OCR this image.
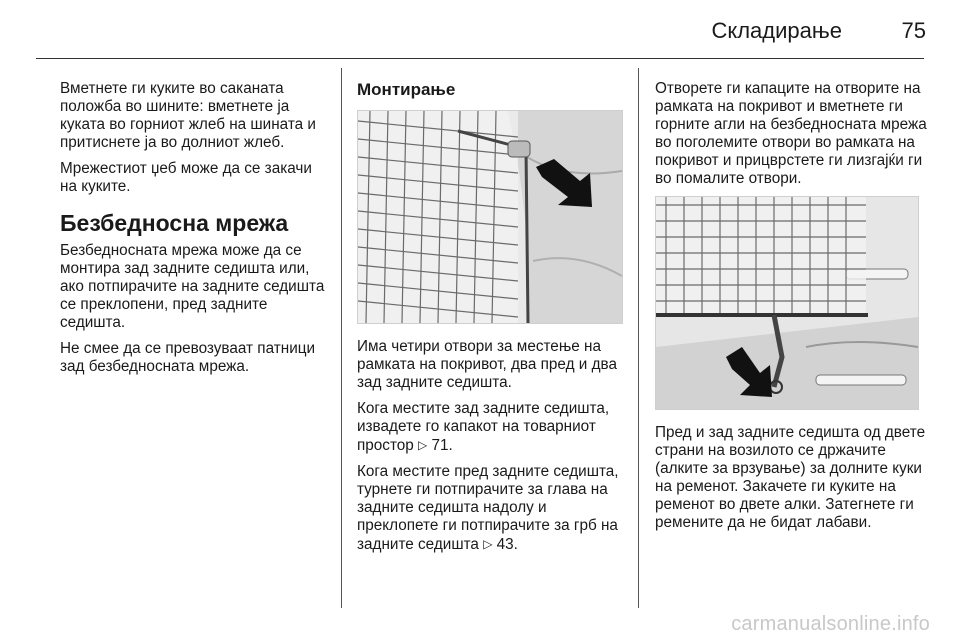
Складирање	75

Вметнете ги куките во саканата положба во шините: вметнете ја куката во горниот жлеб на шината и притиснете ја во долниот жлеб.

Мрежестиот џеб може да се закачи на куките.

Безбедносна мрежа

Безбедносната мрежа може да се монтира зад задните седишта или, ако потпирачите на задните седишта се преклопени, пред задните седишта.

Не смее да се превозуваат патници зад безбедносната мрежа.

Монтирање

Има четири отвори за местење на рамката на покривот, два пред и два зад задните седишта.

Кога местите зад задните седишта, извадете го капакот на товарниот простор ▷ 71.

Кога местите пред задните седишта, турнете ги потпирачите за глава на задните седишта надолу и преклопете ги потпирачите за грб на задните седишта ▷ 43.

Отворете ги капаците на отворите на рамката на покривот и вметнете ги горните агли на безбедносната мрежа во поголемите отвори во рамката на покривот и прицврстете ги лизгајќи ги во помалите отвори.

Пред и зад задните седишта од двете страни на возилото се држачите (алките за врзување) за долните куки на ременот. Закачете ги куките на ременот во двете алки. Затегнете ги ремените да не бидат лабави.

carmanualsonline.info
